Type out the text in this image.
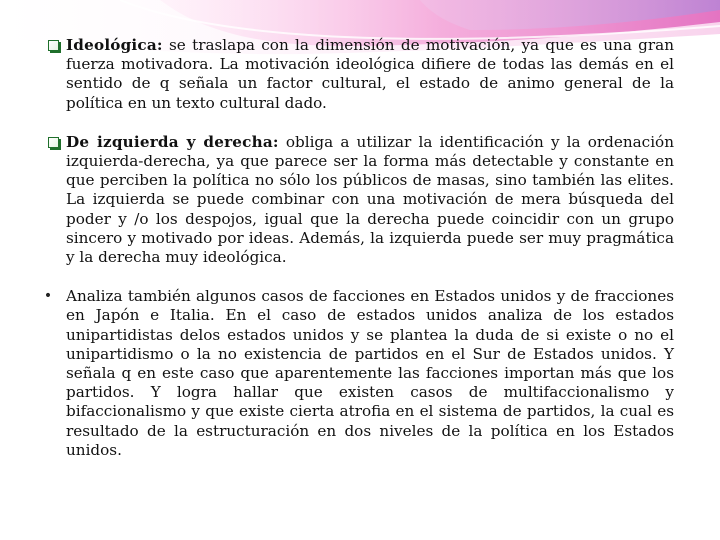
Ideológica: se traslapa con la dimensión de motivación, ya que es una gran fuerza motivadora. La motivación ideológica difiere de todas las demás en el sentido de q señala un factor cultural, el estado de animo general de la política en un texto cultural dado.
De izquierda y derecha: obliga a utilizar la identificación y la ordenación izquierda-derecha, ya que parece ser la forma más detectable y constante en que perciben la política no sólo los públicos de masas, sino también las elites. La izquierda se puede combinar con una motivación de mera búsqueda del poder y /o los despojos, igual que la derecha puede coincidir con un grupo sincero y motivado por ideas. Además, la izquierda puede ser muy pragmática y la derecha muy ideológica.
• Analiza también algunos casos de facciones en Estados unidos y de fracciones en Japón e Italia. En el caso de estados unidos analiza de los estados unipartidistas delos estados unidos y se plantea la duda de si existe o no el unipartidismo o la no existencia de partidos en el Sur de Estados unidos. Y señala q en este caso que aparentemente las facciones importan más que los partidos. Y logra hallar que existen casos de multifaccionalismo y bifaccionalismo y que existe cierta atrofia en el sistema de partidos, la cual es resultado de la estructuración en dos niveles de la política en los Estados unidos.
